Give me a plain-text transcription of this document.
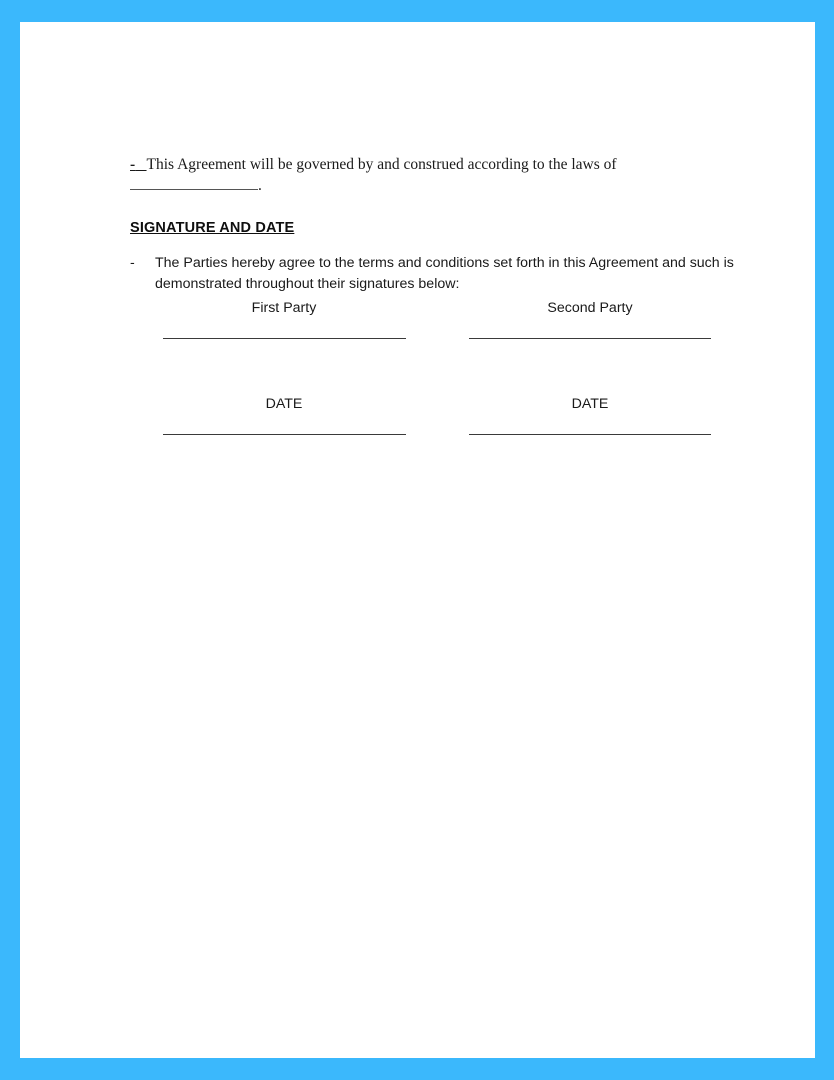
- This Agreement will be governed by and construed according to the laws of
.

SIGNATURE AND DATE

- The Parties hereby agree to the terms and conditions set forth in this Agreement and such is demonstrated throughout their signatures below:

First Party	Second Party
DATE	DATE
